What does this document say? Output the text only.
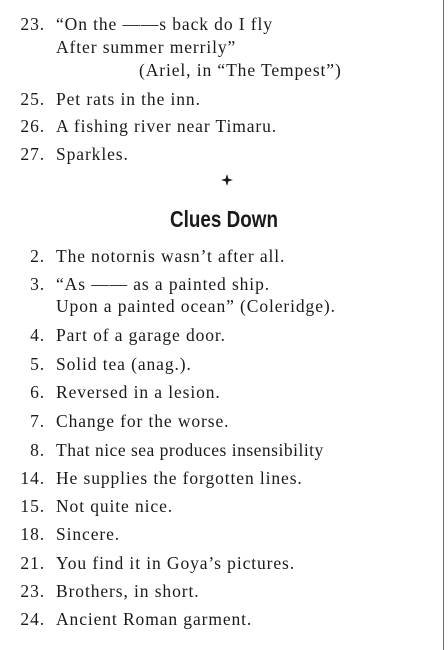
23. “On the ——s back do I fly
After summer merrily”
(Ariel, in “The Tempest”)
25. Pet rats in the inn.
26. A fishing river near Timaru.
27. Sparkles.
Clues Down
2. The notornis wasn’t after all.
3. “As —— as a painted ship.
Upon a painted ocean” (Coleridge).
4. Part of a garage door.
5. Solid tea (anag.).
6. Reversed in a lesion.
7. Change for the worse.
8. That nice sea produces insensibility
14. He supplies the forgotten lines.
15. Not quite nice.
18. Sincere.
21. You find it in Goya’s pictures.
23. Brothers, in short.
24. Ancient Roman garment.
